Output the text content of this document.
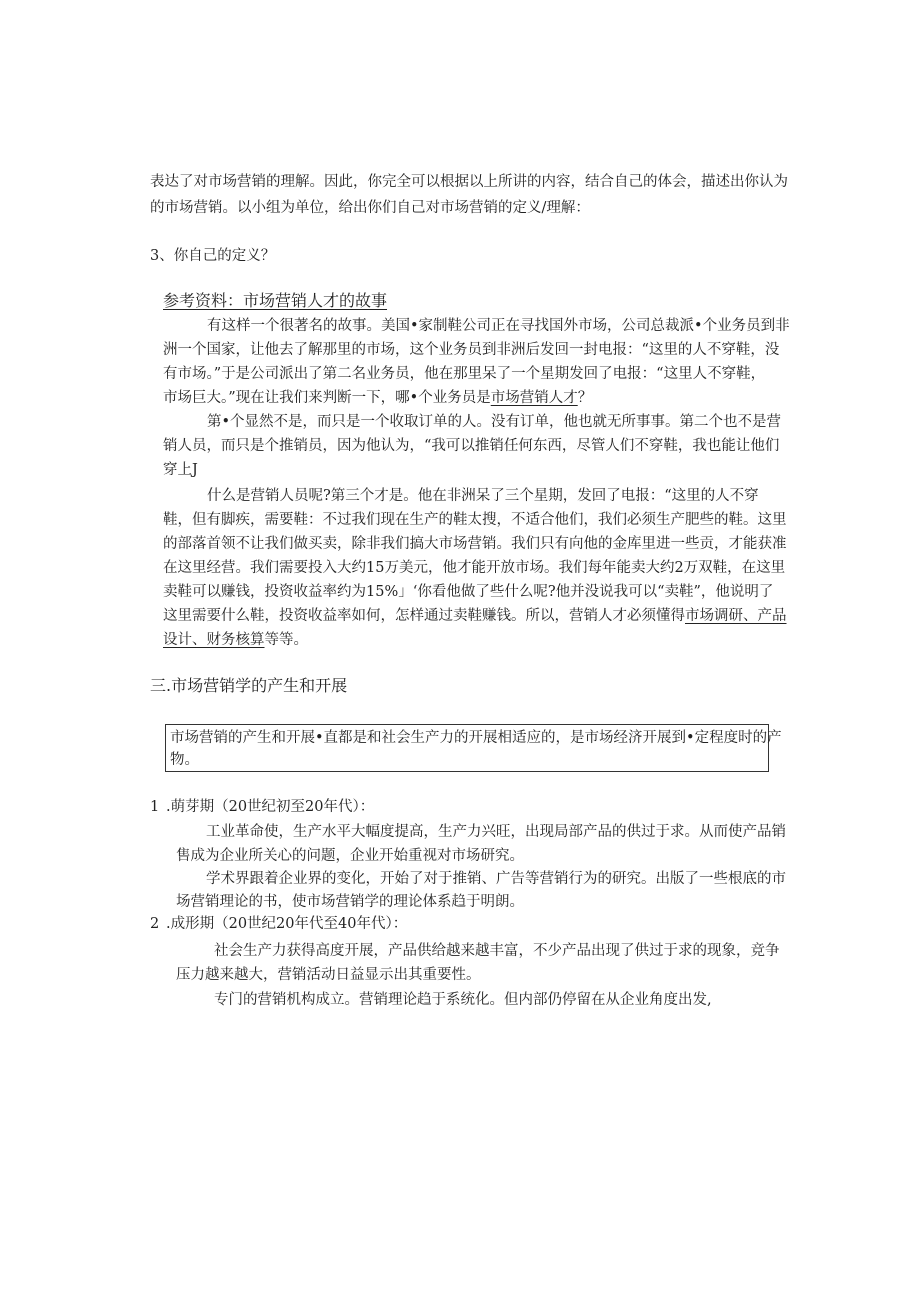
表达了对市场营销的理解。因此，你完全可以根据以上所讲的内容，结合自己的体会，描述出你认为
的市场营销。以小组为单位，给出你们自己对市场营销的定义/理解：
3、你自己的定义？
参考资料：市场营销人才的故事
有这样一个很著名的故事。美国•家制鞋公司正在寻找国外市场，公司总裁派•个业务员到非
洲一个国家，让他去了解那里的市场，这个业务员到非洲后发回一封电报：“这里的人不穿鞋，没
有市场。”于是公司派出了第二名业务员，他在那里呆了一个星期发回了电报：“这里人不穿鞋，
市场巨大。”现在让我们来判断一下，哪•个业务员是市场营销人才？
第•个显然不是，而只是一个收取订单的人。没有订单，他也就无所事事。第二个也不是营
销人员，而只是个推销员，因为他认为，“我可以推销任何东西，尽管人们不穿鞋，我也能让他们
穿上J
什么是营销人员呢?第三个才是。他在非洲呆了三个星期，发回了电报：“这里的人不穿
鞋，但有脚疾，需要鞋：不过我们现在生产的鞋太搜，不适合他们，我们必须生产肥些的鞋。这里
的部落首领不让我们做买卖，除非我们搞大市场营销。我们只有向他的金库里进一些贡，才能获准
在这里经营。我们需要投入大约15万美元，他才能开放市场。我们每年能卖大约2万双鞋，在这里
卖鞋可以赚钱，投资收益率约为15%」‘你看他做了些什么呢?他并没说我可以“卖鞋”，他说明了
这里需要什么鞋，投资收益率如何，怎样通过卖鞋赚钱。所以，营销人才必须懂得市场调研、产品
设计、财务核算等等。
三.市场营销学的产生和开展
市场营销的产生和开展•直都是和社会生产力的开展相适应的，是市场经济开展到•定程度时的产
物。
1 .萌芽期（20世纪初至20年代）：
工业革命使，生产水平大幅度提高，生产力兴旺，出现局部产品的供过于求。从而使产品销
售成为企业所关心的问题，企业开始重视对市场研究。
学术界跟着企业界的变化，开始了对于推销、广告等营销行为的研究。出版了一些根底的市
场营销理论的书，使市场营销学的理论体系趋于明朗。
2 .成形期（20世纪20年代至40年代）：
社会生产力获得高度开展，产品供给越来越丰富，不少产品出现了供过于求的现象，竞争
压力越来越大，营销活动日益显示出其重要性。
专门的营销机构成立。营销理论趋于系统化。但内部仍停留在从企业角度出发,
